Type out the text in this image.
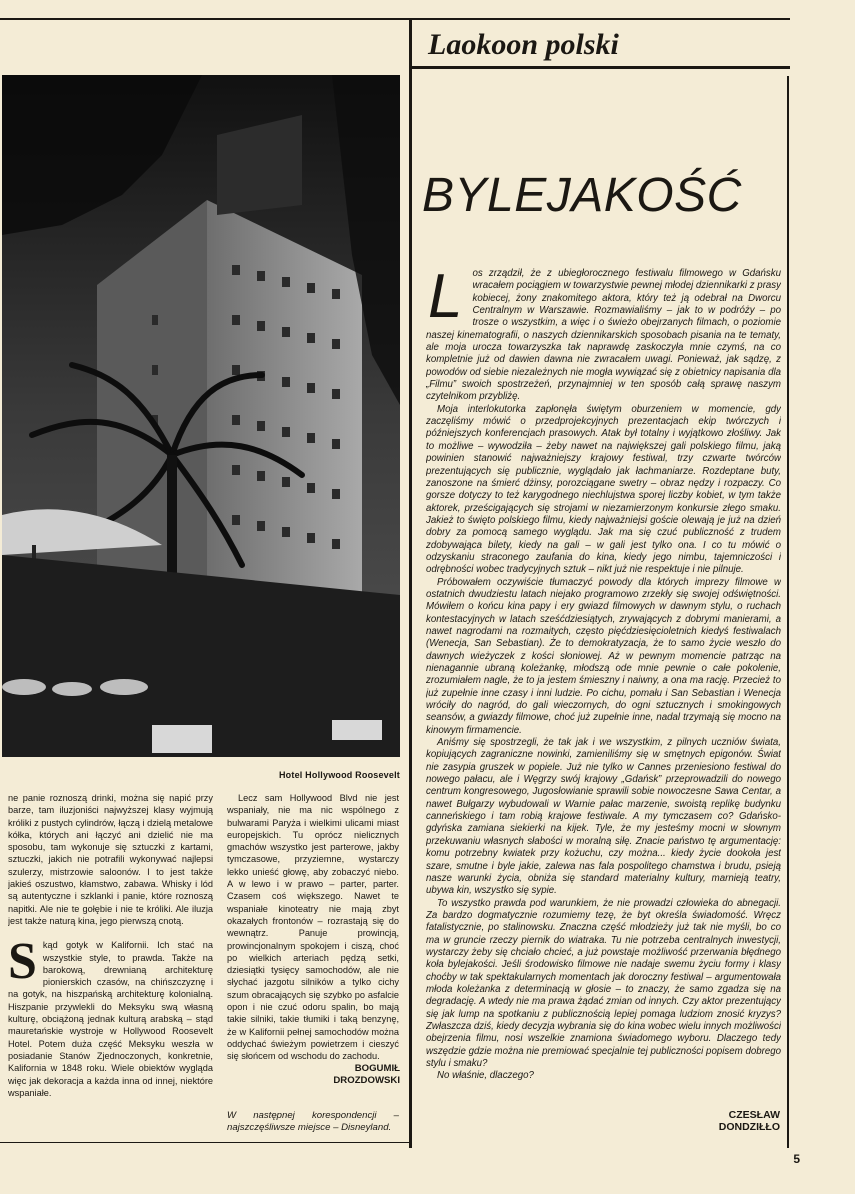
Laokoon polski
Hotel Hollywood Roosevelt

ne panie roznoszą drinki, można się napić przy barze, tam iluzjoniści najwyższej klasy wyjmują króliki z pustych cylindrów, łączą i dzielą metalowe kółka, których ani łączyć ani dzielić nie ma sposobu, tam wykonuje się sztuczki z kartami, sztuczki, jakich nie potrafili wykonywać najlepsi szulerzy, mistrzowie saloonów. I to jest także jakieś oszustwo, kłamstwo, zabawa. Whisky i lód są autentyczne i szklanki i panie, które roznoszą napitki. Ale nie te gołębie i nie te króliki. Ale iluzja jest także naturą kina, jego pierwszą cnotą.

S kąd gotyk w Kalifornii. Ich stać na wszystkie style, to prawda. Także na barokową, drewnianą architekturę pionierskich czasów, na chińszczyznę i na gotyk, na hiszpańską architekturę kolonialną. Hiszpanie przywlekli do Meksyku swą własną kulturę, obciążoną jednak kulturą arabską – stąd mauretańskie wystroje w Hollywood Roosevelt Hotel. Potem duża część Meksyku weszła w posiadanie Stanów Zjednoczonych, konkretnie, Kalifornia w 1848 roku. Wiele obiektów wygląda więc jak dekoracja a każda inna od innej, niektóre wspaniałe.

Lecz sam Hollywood Blvd nie jest wspaniały, nie ma nic wspólnego z bulwarami Paryża i wielkimi ulicami miast europejskich. Tu oprócz nielicznych gmachów wszystko jest parterowe, jakby tymczasowe, przyziemne, wystarczy lekko unieść głowę, aby zobaczyć niebo. A w lewo i w prawo – parter, parter. Czasem coś większego. Nawet te wspaniałe kinoteatry nie mają zbyt okazałych frontonów – rozrastają się do wewnątrz. Panuje prowincją, prowincjonalnym spokojem i ciszą, choć po wielkich arteriach pędzą setki, dziesiątki tysięcy samochodów, ale nie słychać jazgotu silników a tylko cichy szum obracających się szybko po asfalcie opon i nie czuć odoru spalin, bo mają takie silniki, takie tłumiki i taką benzynę, że w Kalifornii pełnej samochodów można oddychać świeżym powietrzem i cieszyć się słońcem od wschodu do zachodu.

BOGUMIŁ
DROZDOWSKI
W następnej korespondencji – najszczęśliwsze miejsce – Disneyland.
BYLEJAKOŚĆ

L os zrządził, że z ubiegłorocznego festiwalu filmowego w Gdańsku wracałem pociągiem w towarzystwie pewnej młodej dziennikarki z prasy kobiecej, żony znakomitego aktora, który też ją odebrał na Dworcu Centralnym w Warszawie. Rozmawialiśmy – jak to w podróży – po trosze o wszystkim, a więc i o świeżo obejrzanych filmach, o poziomie naszej kinematografii, o naszych dziennikarskich sposobach pisania na te tematy, ale moja urocza towarzyszka tak naprawdę zaskoczyła mnie czymś, na co kompletnie już od dawien dawna nie zwracałem uwagi. Ponieważ, jak sądzę, z powodów od siebie niezależnych nie mogła wywiązać się z obietnicy napisania dla „Filmu” swoich spostrzeżeń, przynajmniej w ten sposób całą sprawę naszym czytelnikom przybliżę.

Moja interlokutorka zapłonęła świętym oburzeniem w momencie, gdy zaczęliśmy mówić o przedprojekcyjnych prezentacjach ekip twórczych i późniejszych konferencjach prasowych. Atak był totalny i wyjątkowo złośliwy. Jak to możliwe – wywodziła – żeby nawet na największej gali polskiego filmu, jaką powinien stanowić najważniejszy krajowy festiwal, trzy czwarte twórców prezentujących się publicznie, wyglądało jak łachmaniarze. Rozdeptane buty, zanoszone na śmierć dżinsy, porozciągane swetry – obraz nędzy i rozpaczy. Co gorsze dotyczy to też karygodnego niechlujstwa sporej liczby kobiet, w tym także aktorek, prześcigających się strojami w niezamierzonym konkursie złego smaku. Jakież to święto polskiego filmu, kiedy najważniejsi goście olewają je już na dzień dobry za pomocą samego wyglądu. Jak ma się czuć publiczność z trudem zdobywająca bilety, kiedy na gali – w gali jest tylko ona. I co tu mówić o odzyskaniu straconego zaufania do kina, kiedy jego nimbu, tajemniczości i odrębności wobec tradycyjnych sztuk – nikt już nie respektuje i nie pilnuje.

Próbowałem oczywiście tłumaczyć powody dla których imprezy filmowe w ostatnich dwudziestu latach niejako programowo zrzekły się swojej odświętności. Mówiłem o końcu kina papy i ery gwiazd filmowych w dawnym stylu, o ruchach kontestacyjnych w latach sześćdziesiątych, zrywających z dobrymi manierami, a nawet nagrodami na rozmaitych, często pięćdziesięcioletnich kiedyś festiwalach (Wenecja, San Sebastian). Że to demokratyzacja, że to samo życie weszło do dawnych wieżyczek z kości słoniowej. Aż w pewnym momencie patrząc na nienagannie ubraną koleżankę, młodszą ode mnie pewnie o całe pokolenie, zrozumiałem nagle, że to ja jestem śmieszny i naiwny, a ona ma rację. Przecież to już zupełnie inne czasy i inni ludzie. Po cichu, pomału i San Sebastian i Wenecja wróciły do nagród, do gali wieczornych, do ogni sztucznych i smokingowych seansów, a gwiazdy filmowe, choć już zupełnie inne, nadal trzymają się mocno na kinowym firmamencie.

Aniśmy się spostrzegli, że tak jak i we wszystkim, z pilnych uczniów świata, kopiujących zagraniczne nowinki, zamieniliśmy się w smętnych epigonów. Świat nie zasypia gruszek w popiele. Już nie tylko w Cannes przeniesiono festiwal do nowego pałacu, ale i Węgrzy swój krajowy „Gdańsk” przeprowadzili do nowego centrum kongresowego, Jugosłowianie sprawili sobie nowoczesne Sawa Centar, a nawet Bułgarzy wybudowali w Warnie pałac marzenie, swoistą replikę budynku canneńskiego i tam robią krajowe festiwale. A my tymczasem co? Gdańsko-gdyńska zamiana siekierki na kijek. Tyle, że my jesteśmy mocni w słownym przekuwaniu własnych słabości w moralną siłę. Znacie państwo tę argumentację: komu potrzebny kwiatek przy kożuchu, czy można... kiedy życie dookoła jest szare, smutne i byle jakie, zalewa nas fala pospolitego chamstwa i brudu, psieją nasze warunki życia, obniża się standard materialny kultury, marnieją teatry, ubywa kin, wszystko się sypie.

To wszystko prawda pod warunkiem, że nie prowadzi człowieka do abnegacji. Za bardzo dogmatycznie rozumiemy tezę, że byt określa świadomość. Wręcz fatalistycznie, po stalinowsku. Znaczna część młodzieży już tak nie myśli, bo co ma w gruncie rzeczy piernik do wiatraka. Tu nie potrzeba centralnych inwestycji, wystarczy żeby się chciało chcieć, a już powstaje możliwość przerwania błędnego koła bylejakości. Jeśli środowisko filmowe nie nadaje swemu życiu formy i klasy choćby w tak spektakularnych momentach jak doroczny festiwal – argumentowała młoda koleżanka z determinacją w głosie – to znaczy, że samo zgadza się na degradację. A wtedy nie ma prawa żądać zmian od innych. Czy aktor prezentujący się jak lump na spotkaniu z publicznością lepiej pomaga ludziom znosić kryzys? Zwłaszcza dziś, kiedy decyzja wybrania się do kina wobec wielu innych możliwości obejrzenia filmu, nosi wszelkie znamiona świadomego wyboru. Dlaczego tedy wszędzie gdzie można nie premiować specjalnie tej publiczności popisem dobrego stylu i smaku?

No właśnie, dlaczego?

CZESŁAW
DONDZIŁŁO
5
